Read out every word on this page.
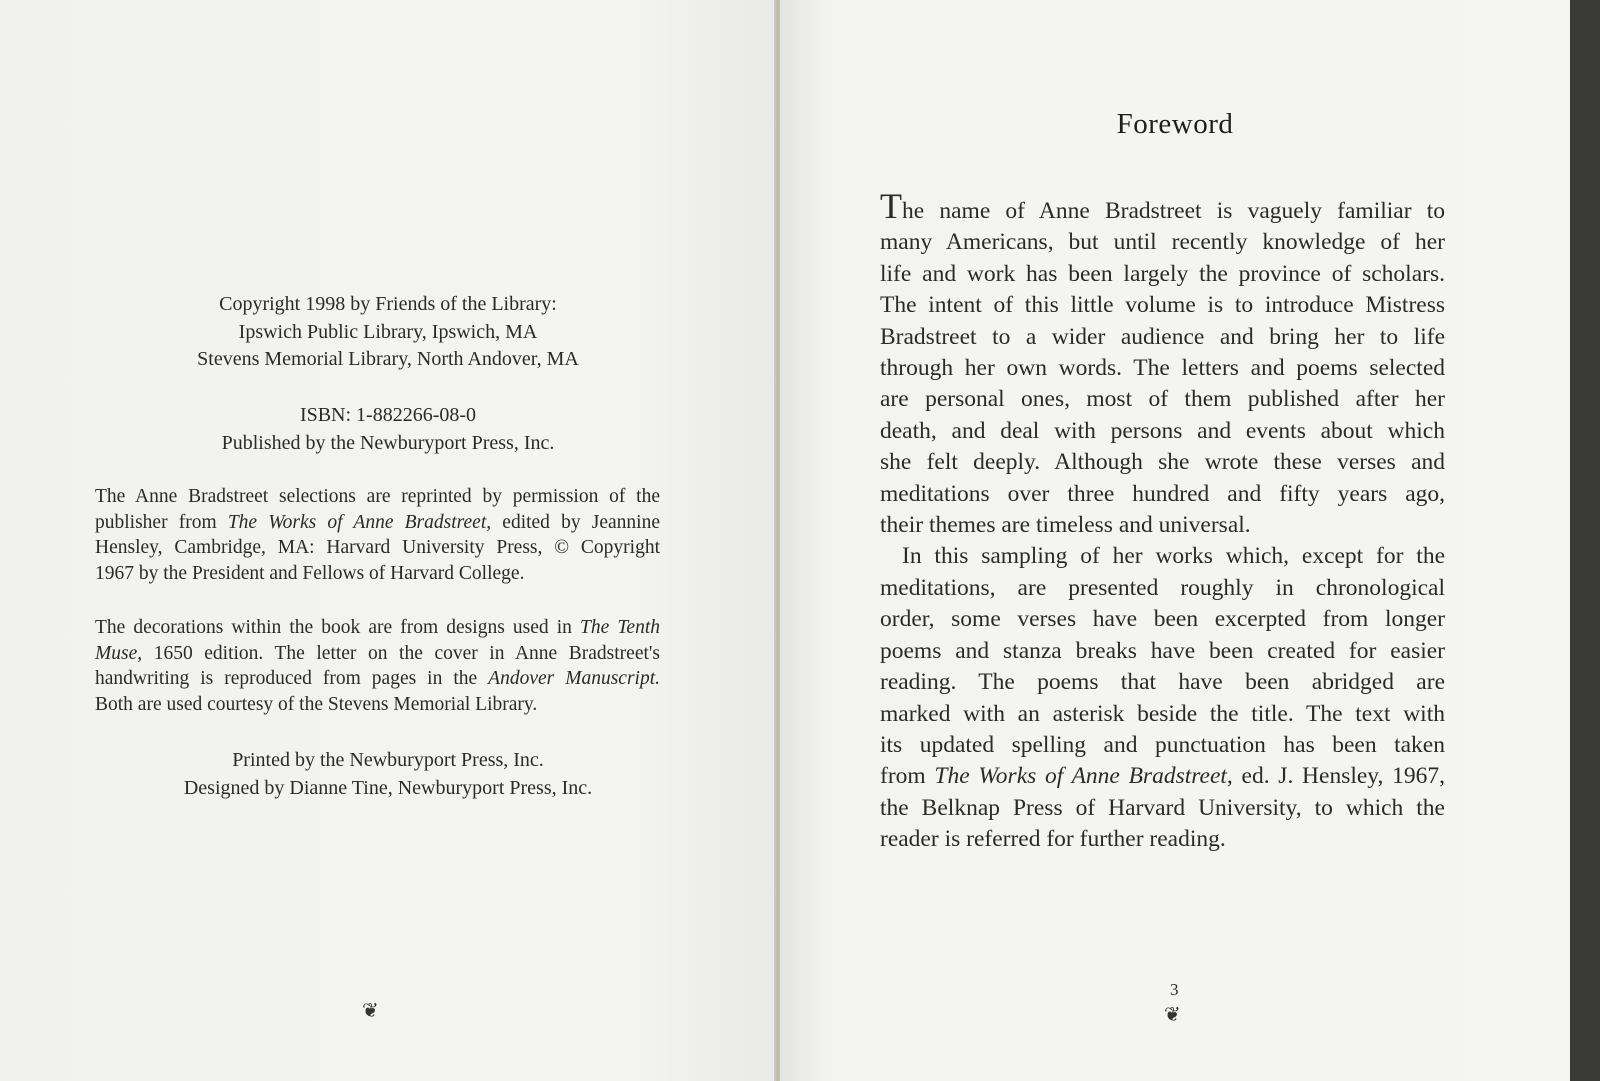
Copyright 1998 by Friends of the Library:
Ipswich Public Library, Ipswich, MA
Stevens Memorial Library, North Andover, MA
ISBN: 1-882266-08-0
Published by the Newburyport Press, Inc.
The Anne Bradstreet selections are reprinted by permission of the
publisher from The Works of Anne Bradstreet, edited by Jeannine
Hensley, Cambridge, MA: Harvard University Press, © Copyright
1967 by the President and Fellows of Harvard College.
The decorations within the book are from designs used in The Tenth
Muse, 1650 edition. The letter on the cover in Anne Bradstreet's
handwriting is reproduced from pages in the Andover Manuscript.
Both are used courtesy of the Stevens Memorial Library.
Printed by the Newburyport Press, Inc.
Designed by Dianne Tine, Newburyport Press, Inc.
❦
Foreword
The name of Anne Bradstreet is vaguely familiar to
many Americans, but until recently knowledge of her
life and work has been largely the province of scholars.
The intent of this little volume is to introduce Mistress
Bradstreet to a wider audience and bring her to life
through her own words. The letters and poems selected
are personal ones, most of them published after her
death, and deal with persons and events about which
she felt deeply. Although she wrote these verses and
meditations over three hundred and fifty years ago,
their themes are timeless and universal.
In this sampling of her works which, except for the
meditations, are presented roughly in chronological
order, some verses have been excerpted from longer
poems and stanza breaks have been created for easier
reading. The poems that have been abridged are
marked with an asterisk beside the title. The text with
its updated spelling and punctuation has been taken
from The Works of Anne Bradstreet, ed. J. Hensley, 1967,
the Belknap Press of Harvard University, to which the
reader is referred for further reading.
3
❦
